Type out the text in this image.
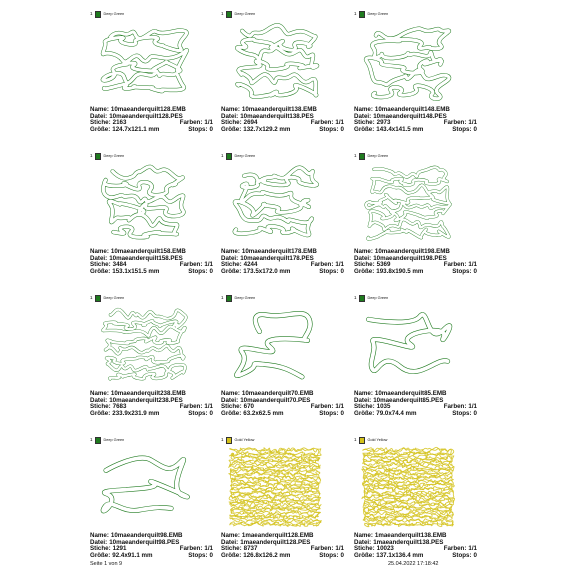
1	Deep Green
Name: 10maeanderquilt128.EMB
Datei: 10maeanderquilt128.PES
Stiche: 2163	Farben: 1/1
Größe: 124.7x121.1 mm	Stops: 0
1	Deep Green
Name: 10maeanderquilt138.EMB
Datei: 10maeanderquilt138.PES
Stiche: 2694	Farben: 1/1
Größe: 132.7x129.2 mm	Stops: 0
1	Deep Green
Name: 10maeanderquilt148.EMB
Datei: 10maeanderquilt148.PES
Stiche: 2973	Farben: 1/1
Größe: 143.4x141.5 mm	Stops: 0
1	Deep Green
Name: 10maeanderquilt158.EMB
Datei: 10maeanderquilt158.PES
Stiche: 3484	Farben: 1/1
Größe: 153.1x151.5 mm	Stops: 0
1	Deep Green
Name: 10maeanderquilt178.EMB
Datei: 10maeanderquilt178.PES
Stiche: 4244	Farben: 1/1
Größe: 173.5x172.0 mm	Stops: 0
1	Deep Green
Name: 10maeanderquilt198.EMB
Datei: 10maeanderquilt198.PES
Stiche: 5369	Farben: 1/1
Größe: 193.8x190.5 mm	Stops: 0
1	Deep Green
Name: 10maeanderquilt238.EMB
Datei: 10maeanderquilt238.PES
Stiche: 7683	Farben: 1/1
Größe: 233.9x231.9 mm	Stops: 0
1	Deep Green
Name: 10maeanderquilt70.EMB
Datei: 10maeanderquilt70.PES
Stiche: 670	Farben: 1/1
Größe: 63.2x62.5 mm	Stops: 0
1	Deep Green
Name: 10maeanderquilt85.EMB
Datei: 10maeanderquilt85.PES
Stiche: 1035	Farben: 1/1
Größe: 79.0x74.4 mm	Stops: 0
1	Deep Green
Name: 10maeanderquilt98.EMB
Datei: 10maeanderquilt98.PES
Stiche: 1291	Farben: 1/1
Größe: 92.4x91.1 mm	Stops: 0
1	Gold Yellow
Name: 1maeanderquilt128.EMB
Datei: 1maeanderquilt128.PES
Stiche: 8737	Farben: 1/1
Größe: 126.8x126.2 mm	Stops: 0
1	Gold Yellow
Name: 1maeanderquilt138.EMB
Datei: 1maeanderquilt138.PES
Stiche: 10023	Farben: 1/1
Größe: 137.1x136.4 mm	Stops: 0
Seite 1 von 9	25.04.2022 17:18:42
